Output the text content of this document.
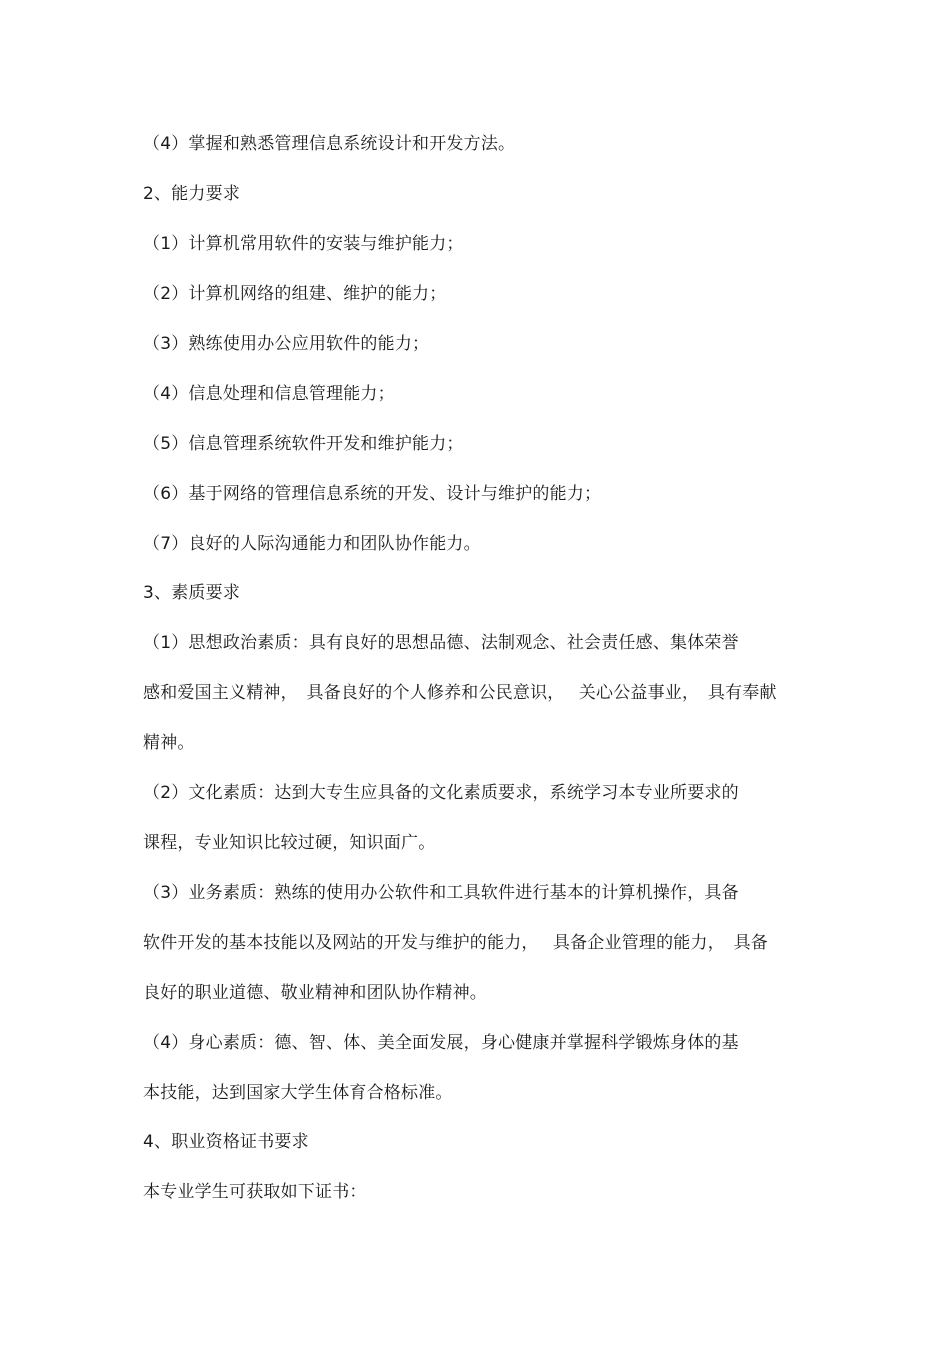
（4）掌握和熟悉管理信息系统设计和开发方法。
2、能力要求
（1）计算机常用软件的安装与维护能力；
（2）计算机网络的组建、维护的能力；
（3）熟练使用办公应用软件的能力；
（4）信息处理和信息管理能力；
（5）信息管理系统软件开发和维护能力；
（6）基于网络的管理信息系统的开发、设计与维护的能力；
（7）良好的人际沟通能力和团队协作能力。
3、素质要求
（1）思想政治素质：具有良好的思想品德、法制观念、社会责任感、集体荣誉
感和爱国主义精神，　具备良好的个人修养和公民意识，　 关心公益事业，　具有奉献
精神。
（2）文化素质：达到大专生应具备的文化素质要求，系统学习本专业所要求的
课程，专业知识比较过硬，知识面广。
（3）业务素质：熟练的使用办公软件和工具软件进行基本的计算机操作，具备
软件开发的基本技能以及网站的开发与维护的能力，　 具备企业管理的能力，　具备
良好的职业道德、敬业精神和团队协作精神。
（4）身心素质：德、智、体、美全面发展，身心健康并掌握科学锻炼身体的基
本技能，达到国家大学生体育合格标准。
4、职业资格证书要求
本专业学生可获取如下证书：
